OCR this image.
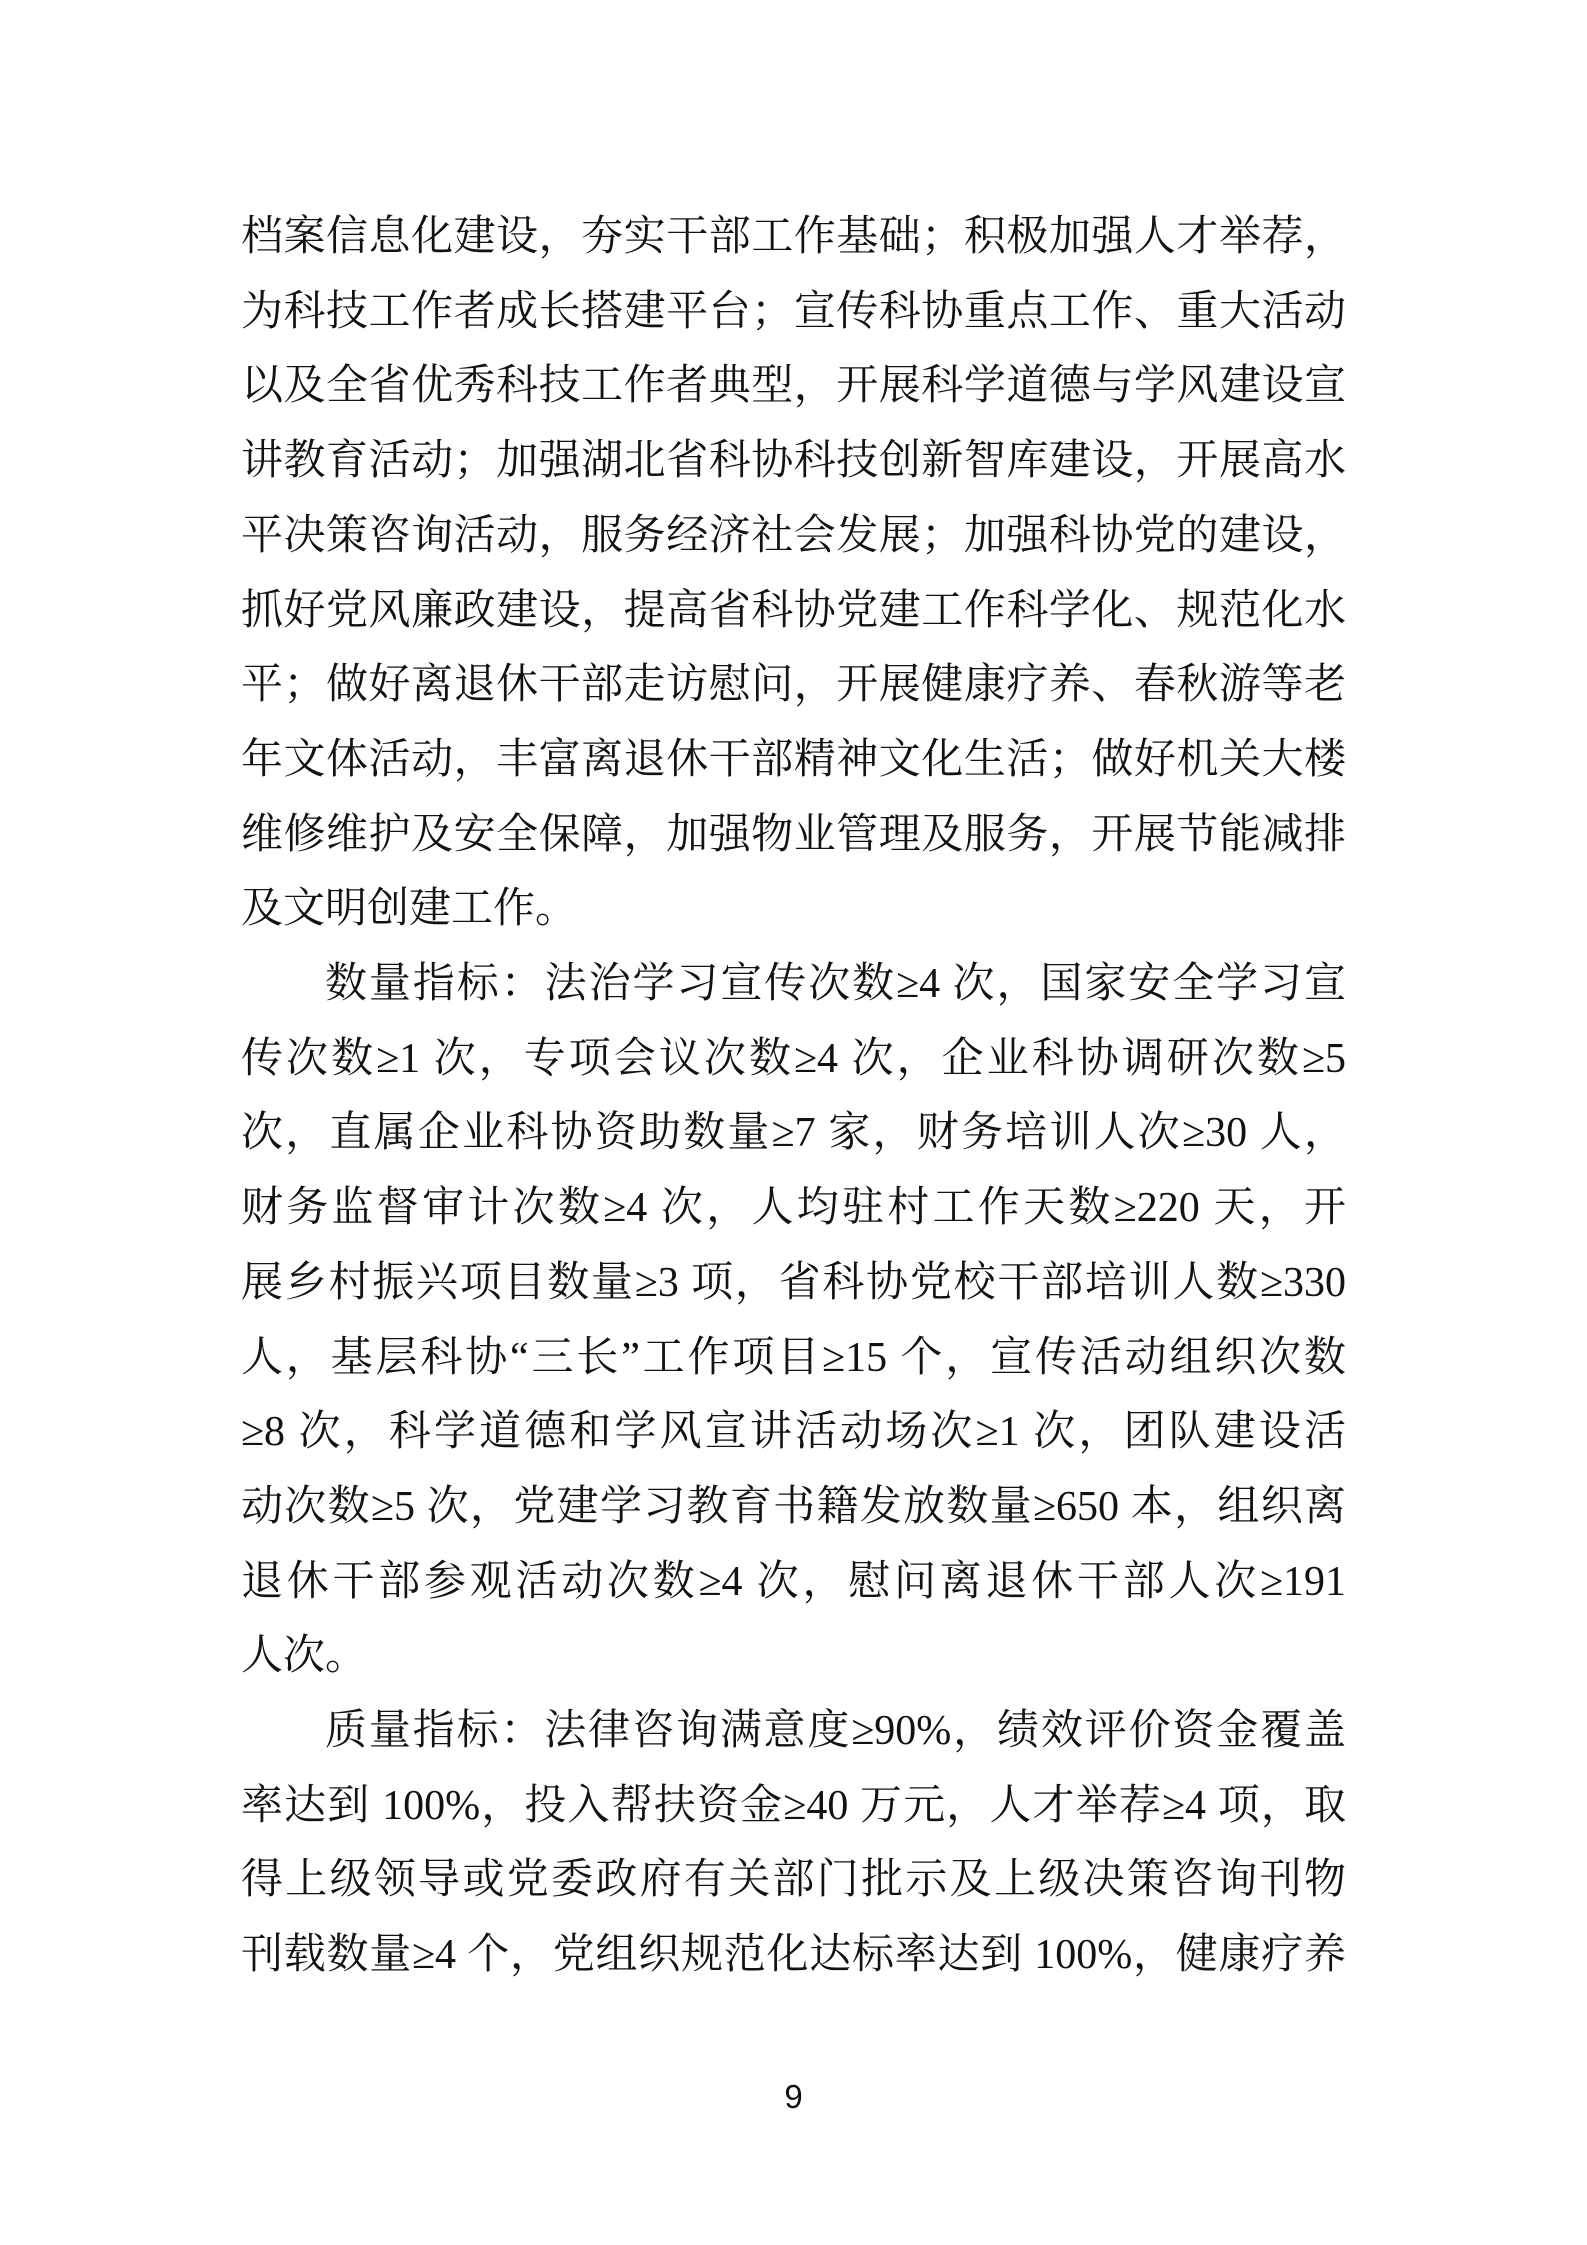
档案信息化建设，夯实干部工作基础；积极加强人才举荐，
为科技工作者成长搭建平台；宣传科协重点工作、重大活动
以及全省优秀科技工作者典型，开展科学道德与学风建设宣
讲教育活动；加强湖北省科协科技创新智库建设，开展高水
平决策咨询活动，服务经济社会发展；加强科协党的建设，
抓好党风廉政建设，提高省科协党建工作科学化、规范化水
平；做好离退休干部走访慰问，开展健康疗养、春秋游等老
年文体活动，丰富离退休干部精神文化生活；做好机关大楼
维修维护及安全保障，加强物业管理及服务，开展节能减排
及文明创建工作。
数量指标：法治学习宣传次数≥4 次，国家安全学习宣
传次数≥1 次，专项会议次数≥4 次，企业科协调研次数≥5
次，直属企业科协资助数量≥7 家，财务培训人次≥30 人，
财务监督审计次数≥4 次，人均驻村工作天数≥220 天，开
展乡村振兴项目数量≥3 项，省科协党校干部培训人数≥330
人，基层科协“三长”工作项目≥15 个，宣传活动组织次数
≥8 次，科学道德和学风宣讲活动场次≥1 次，团队建设活
动次数≥5 次，党建学习教育书籍发放数量≥650 本，组织离
退休干部参观活动次数≥4 次，慰问离退休干部人次≥191
人次。
质量指标：法律咨询满意度≥90%，绩效评价资金覆盖
率达到 100%，投入帮扶资金≥40 万元，人才举荐≥4 项，取
得上级领导或党委政府有关部门批示及上级决策咨询刊物
刊载数量≥4 个，党组织规范化达标率达到 100%，健康疗养
9
